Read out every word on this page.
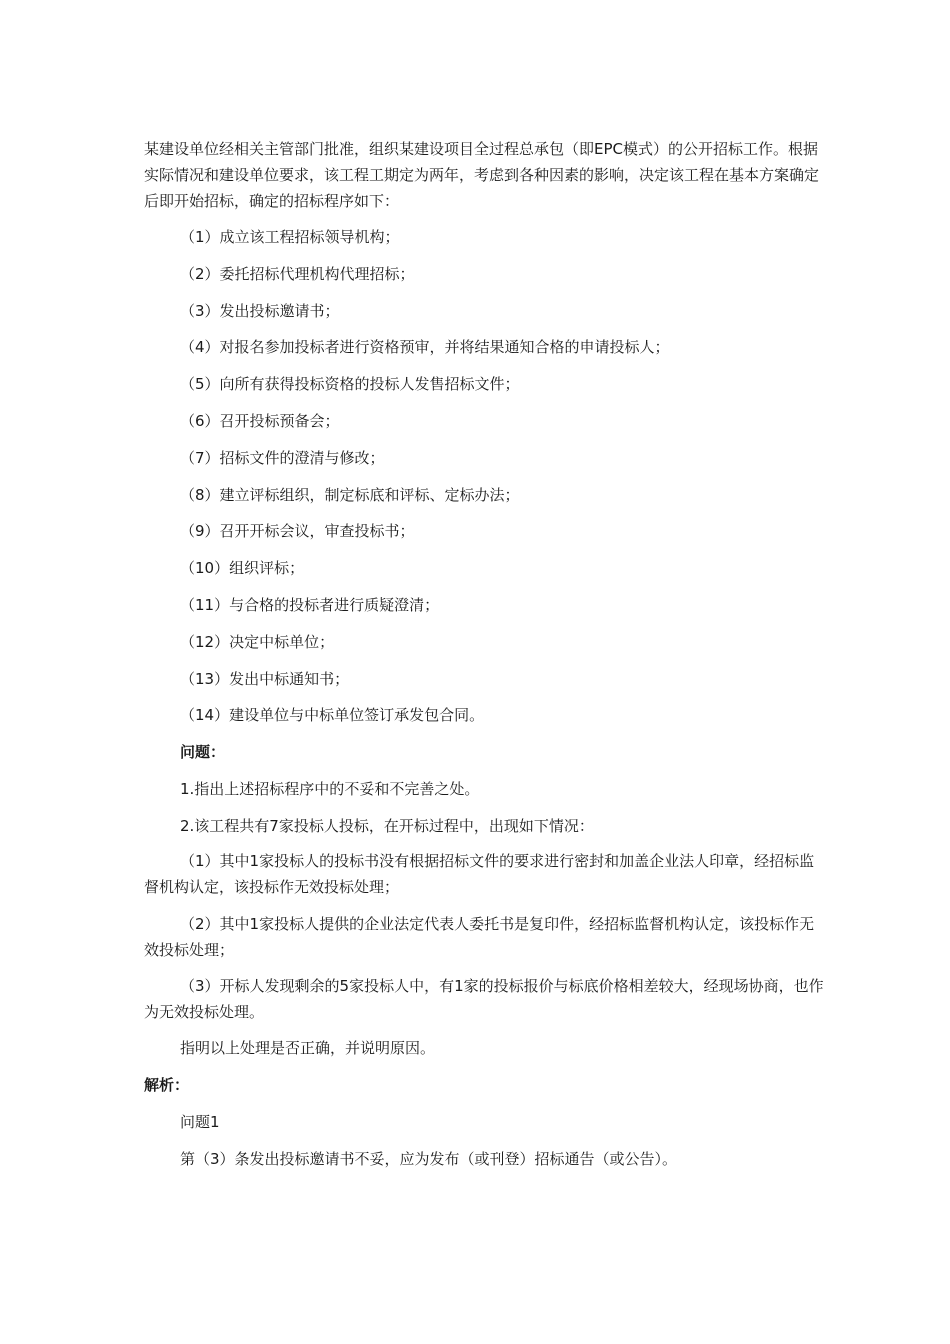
某建设单位经相关主管部门批准，组织某建设项目全过程总承包（即EPC模式）的公开招标工作。根据实际情况和建设单位要求，该工程工期定为两年，考虑到各种因素的影响，决定该工程在基本方案确定后即开始招标，确定的招标程序如下：

（1）成立该工程招标领导机构；

（2）委托招标代理机构代理招标；

（3）发出投标邀请书；

（4）对报名参加投标者进行资格预审，并将结果通知合格的申请投标人；

（5）向所有获得投标资格的投标人发售招标文件；

（6）召开投标预备会；

（7）招标文件的澄清与修改；

（8）建立评标组织，制定标底和评标、定标办法；

（9）召开开标会议，审查投标书；

（10）组织评标；

（11）与合格的投标者进行质疑澄清；

（12）决定中标单位；

（13）发出中标通知书；

（14）建设单位与中标单位签订承发包合同。

问题：

1.指出上述招标程序中的不妥和不完善之处。

2.该工程共有7家投标人投标，在开标过程中，出现如下情况：

（1）其中1家投标人的投标书没有根据招标文件的要求进行密封和加盖企业法人印章，经招标监督机构认定，该投标作无效投标处理；

（2）其中1家投标人提供的企业法定代表人委托书是复印件，经招标监督机构认定，该投标作无效投标处理；

（3）开标人发现剩余的5家投标人中，有1家的投标报价与标底价格相差较大，经现场协商，也作为无效投标处理。

指明以上处理是否正确，并说明原因。

解析：

问题1

第（3）条发出投标邀请书不妥，应为发布（或刊登）招标通告（或公告）。
